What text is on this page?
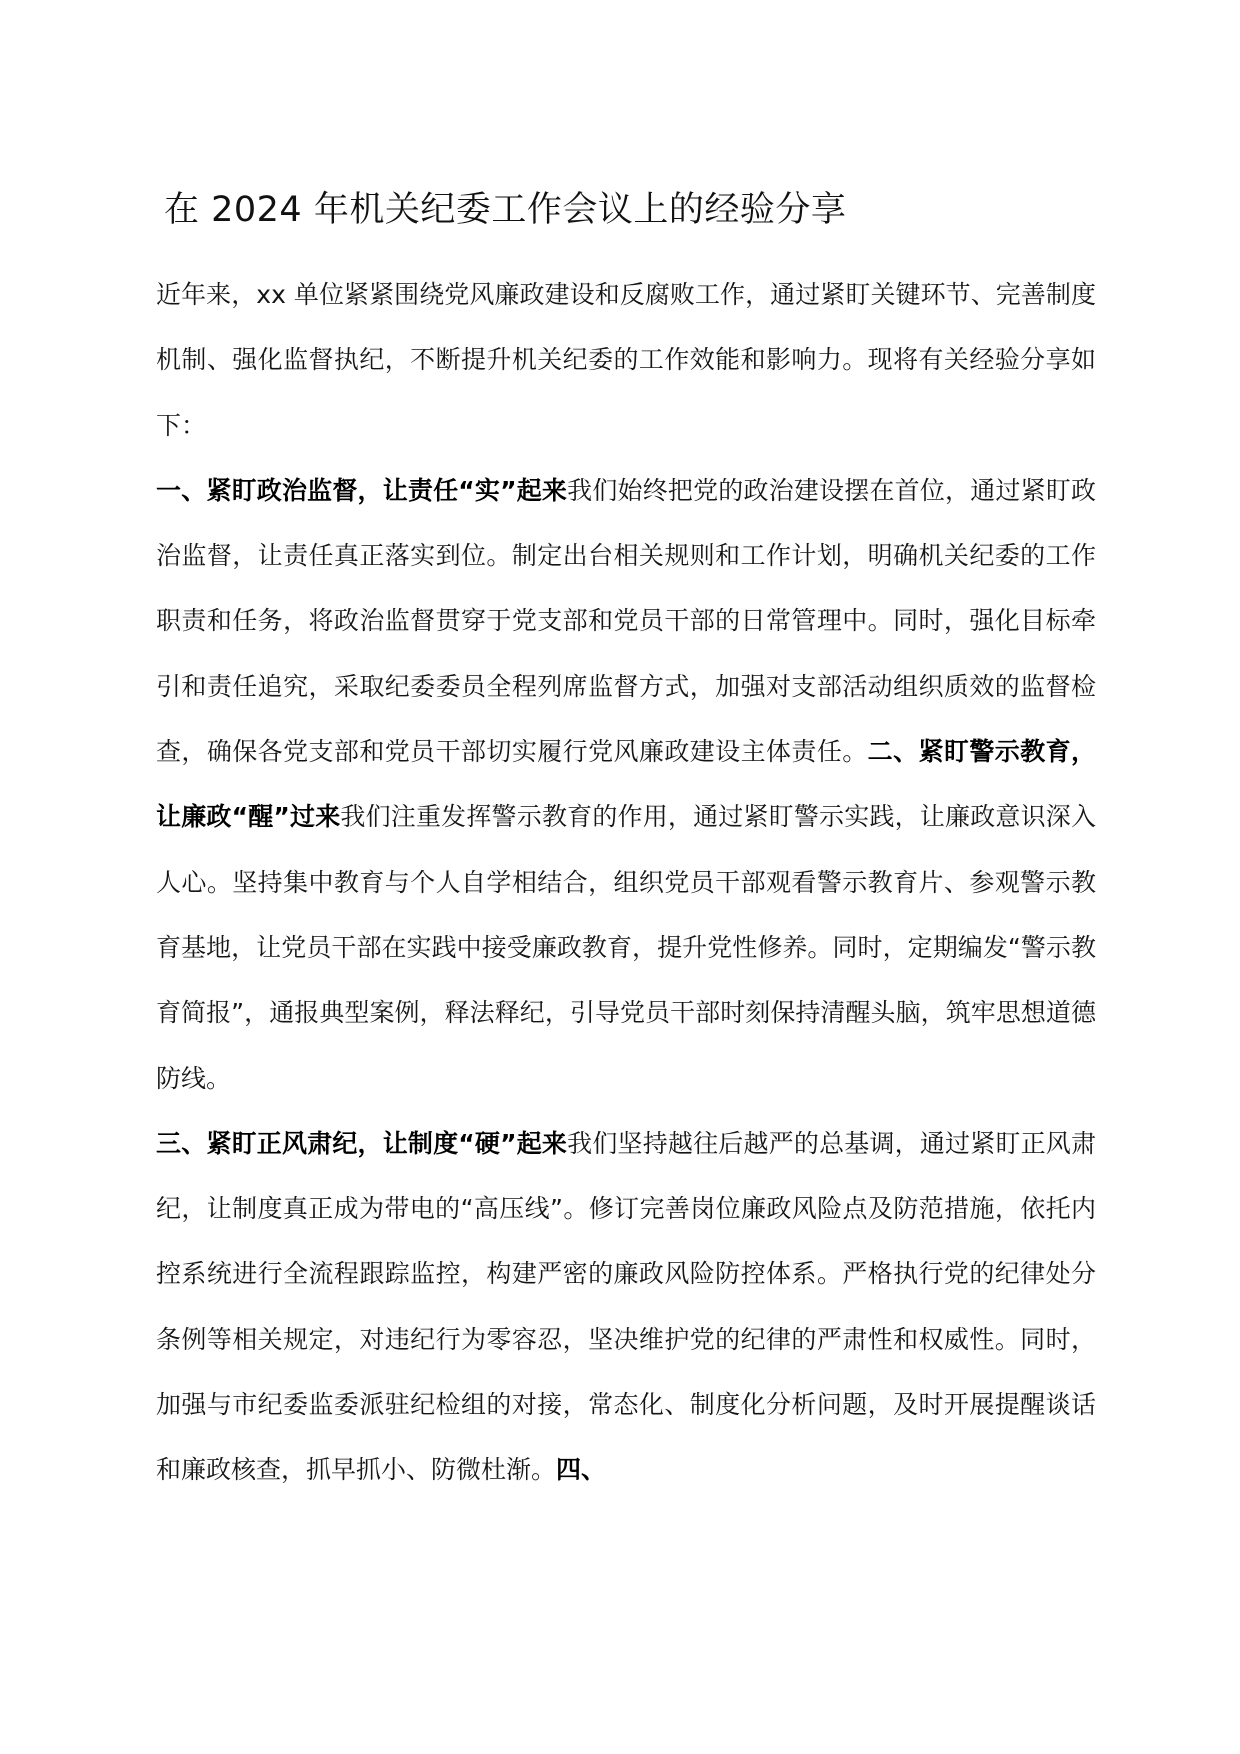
在 2024 年机关纪委工作会议上的经验分享

近年来，xx 单位紧紧围绕党风廉政建设和反腐败工作，通过紧盯关键环节、完善制度机制、强化监督执纪，不断提升机关纪委的工作效能和影响力。现将有关经验分享如下：

一、紧盯政治监督，让责任“实”起来我们始终把党的政治建设摆在首位，通过紧盯政治监督，让责任真正落实到位。制定出台相关规则和工作计划，明确机关纪委的工作职责和任务，将政治监督贯穿于党支部和党员干部的日常管理中。同时，强化目标牵引和责任追究，采取纪委委员全程列席监督方式，加强对支部活动组织质效的监督检查，确保各党支部和党员干部切实履行党风廉政建设主体责任。二、紧盯警示教育，让廉政“醒”过来我们注重发挥警示教育的作用，通过紧盯警示实践，让廉政意识深入人心。坚持集中教育与个人自学相结合，组织党员干部观看警示教育片、参观警示教育基地，让党员干部在实践中接受廉政教育，提升党性修养。同时，定期编发“警示教育简报”，通报典型案例，释法释纪，引导党员干部时刻保持清醒头脑，筑牢思想道德防线。

三、紧盯正风肃纪，让制度“硬”起来我们坚持越往后越严的总基调，通过紧盯正风肃纪，让制度真正成为带电的“高压线”。修订完善岗位廉政风险点及防范措施，依托内控系统进行全流程跟踪监控，构建严密的廉政风险防控体系。严格执行党的纪律处分条例等相关规定，对违纪行为零容忍，坚决维护党的纪律的严肃性和权威性。同时，加强与市纪委监委派驻纪检组的对接，常态化、制度化分析问题，及时开展提醒谈话和廉政核查，抓早抓小、防微杜渐。四、
